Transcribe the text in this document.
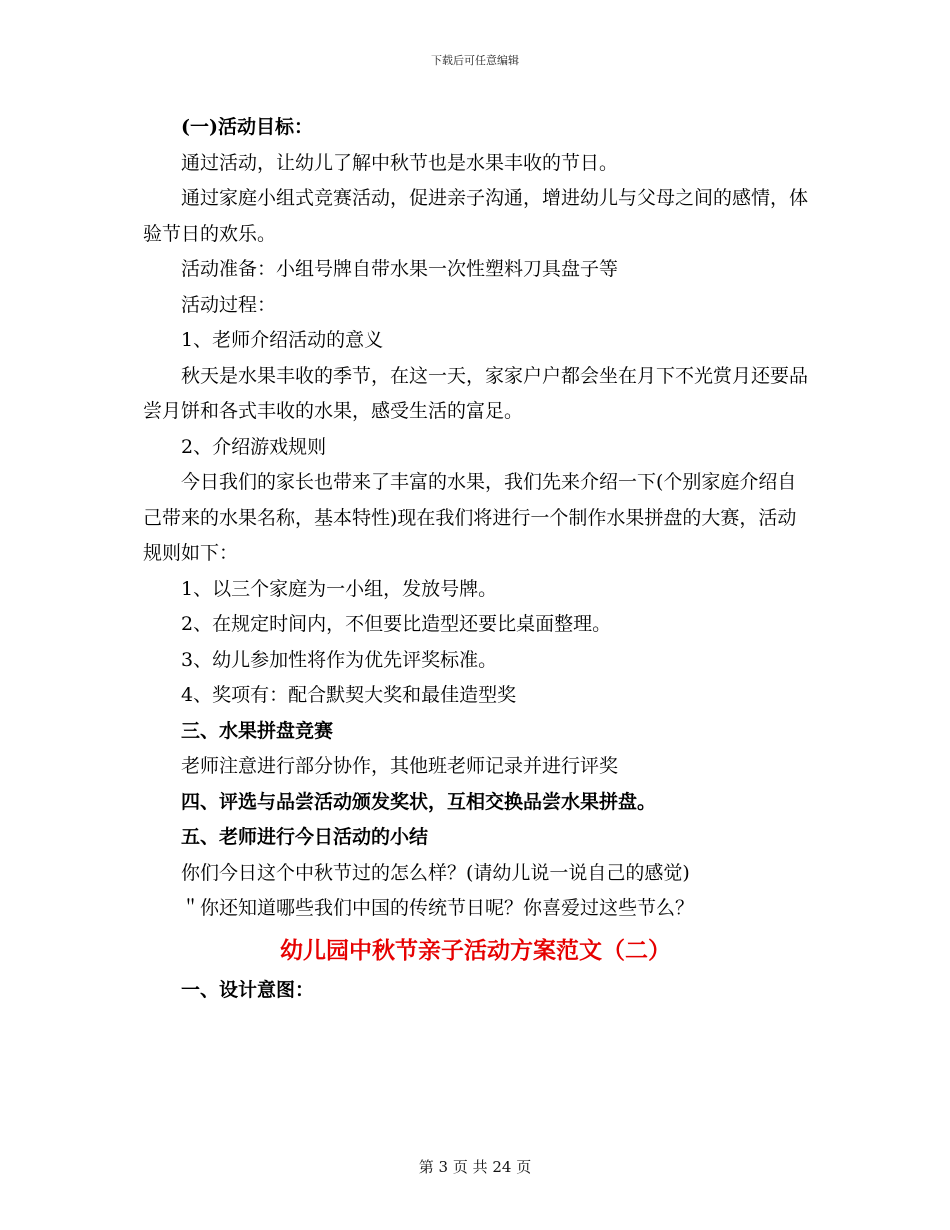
下载后可任意编辑

(一)活动目标：

通过活动，让幼儿了解中秋节也是水果丰收的节日。

通过家庭小组式竞赛活动，促进亲子沟通，增进幼儿与父母之间的感情，体验节日的欢乐。

活动准备：小组号牌自带水果一次性塑料刀具盘子等

活动过程：

1、老师介绍活动的意义

秋天是水果丰收的季节，在这一天，家家户户都会坐在月下不光赏月还要品尝月饼和各式丰收的水果，感受生活的富足。

2、介绍游戏规则

今日我们的家长也带来了丰富的水果，我们先来介绍一下(个别家庭介绍自己带来的水果名称，基本特性)现在我们将进行一个制作水果拼盘的大赛，活动规则如下：

1、以三个家庭为一小组，发放号牌。

2、在规定时间内，不但要比造型还要比桌面整理。

3、幼儿参加性将作为优先评奖标准。

4、奖项有：配合默契大奖和最佳造型奖

三、水果拼盘竞赛

老师注意进行部分协作，其他班老师记录并进行评奖

四、评选与品尝活动颁发奖状，互相交换品尝水果拼盘。

五、老师进行今日活动的小结

你们今日这个中秋节过的怎么样？(请幼儿说一说自己的感觉)

＂你还知道哪些我们中国的传统节日呢？你喜爱过这些节么？

幼儿园中秋节亲子活动方案范文（二）

一、设计意图：

第 3 页 共 24 页
